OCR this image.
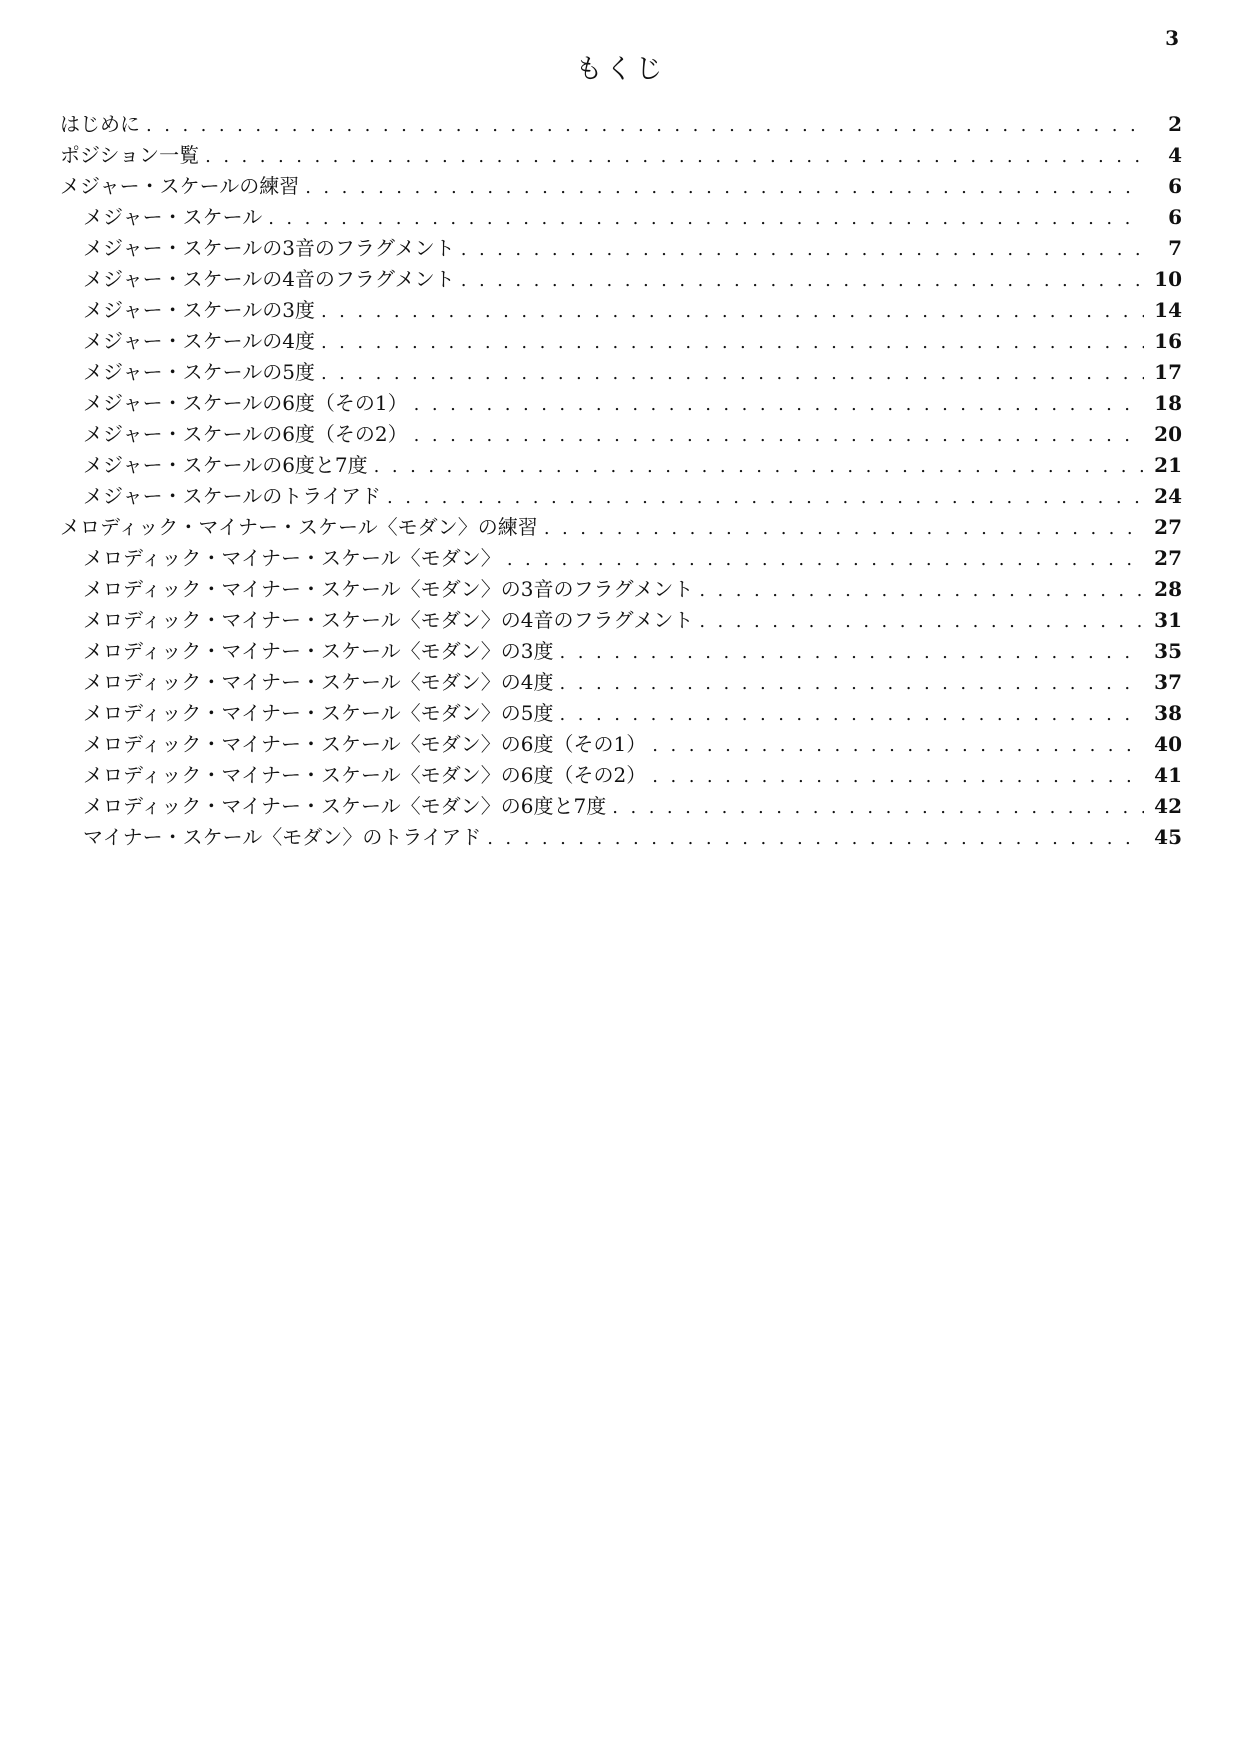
3
もくじ
はじめに .....	2
ポジション一覧 .....	4
メジャー・スケールの練習 .....	6
メジャー・スケール .....	6
メジャー・スケールの3音のフラグメント .....	7
メジャー・スケールの4音のフラグメント .....	10
メジャー・スケールの3度 .....	14
メジャー・スケールの4度 .....	16
メジャー・スケールの5度 .....	17
メジャー・スケールの6度（その1） .....	18
メジャー・スケールの6度（その2） .....	20
メジャー・スケールの6度と7度 .....	21
メジャー・スケールのトライアド .....	24
メロディック・マイナー・スケール〈モダン〉の練習 .....	27
メロディック・マイナー・スケール〈モダン〉 .....	27
メロディック・マイナー・スケール〈モダン〉の3音のフラグメント .....	28
メロディック・マイナー・スケール〈モダン〉の4音のフラグメント .....	31
メロディック・マイナー・スケール〈モダン〉の3度 .....	35
メロディック・マイナー・スケール〈モダン〉の4度 .....	37
メロディック・マイナー・スケール〈モダン〉の5度 .....	38
メロディック・マイナー・スケール〈モダン〉の6度（その1） .....	40
メロディック・マイナー・スケール〈モダン〉の6度（その2） .....	41
メロディック・マイナー・スケール〈モダン〉の6度と7度 .....	42
マイナー・スケール〈モダン〉のトライアド .....	45
